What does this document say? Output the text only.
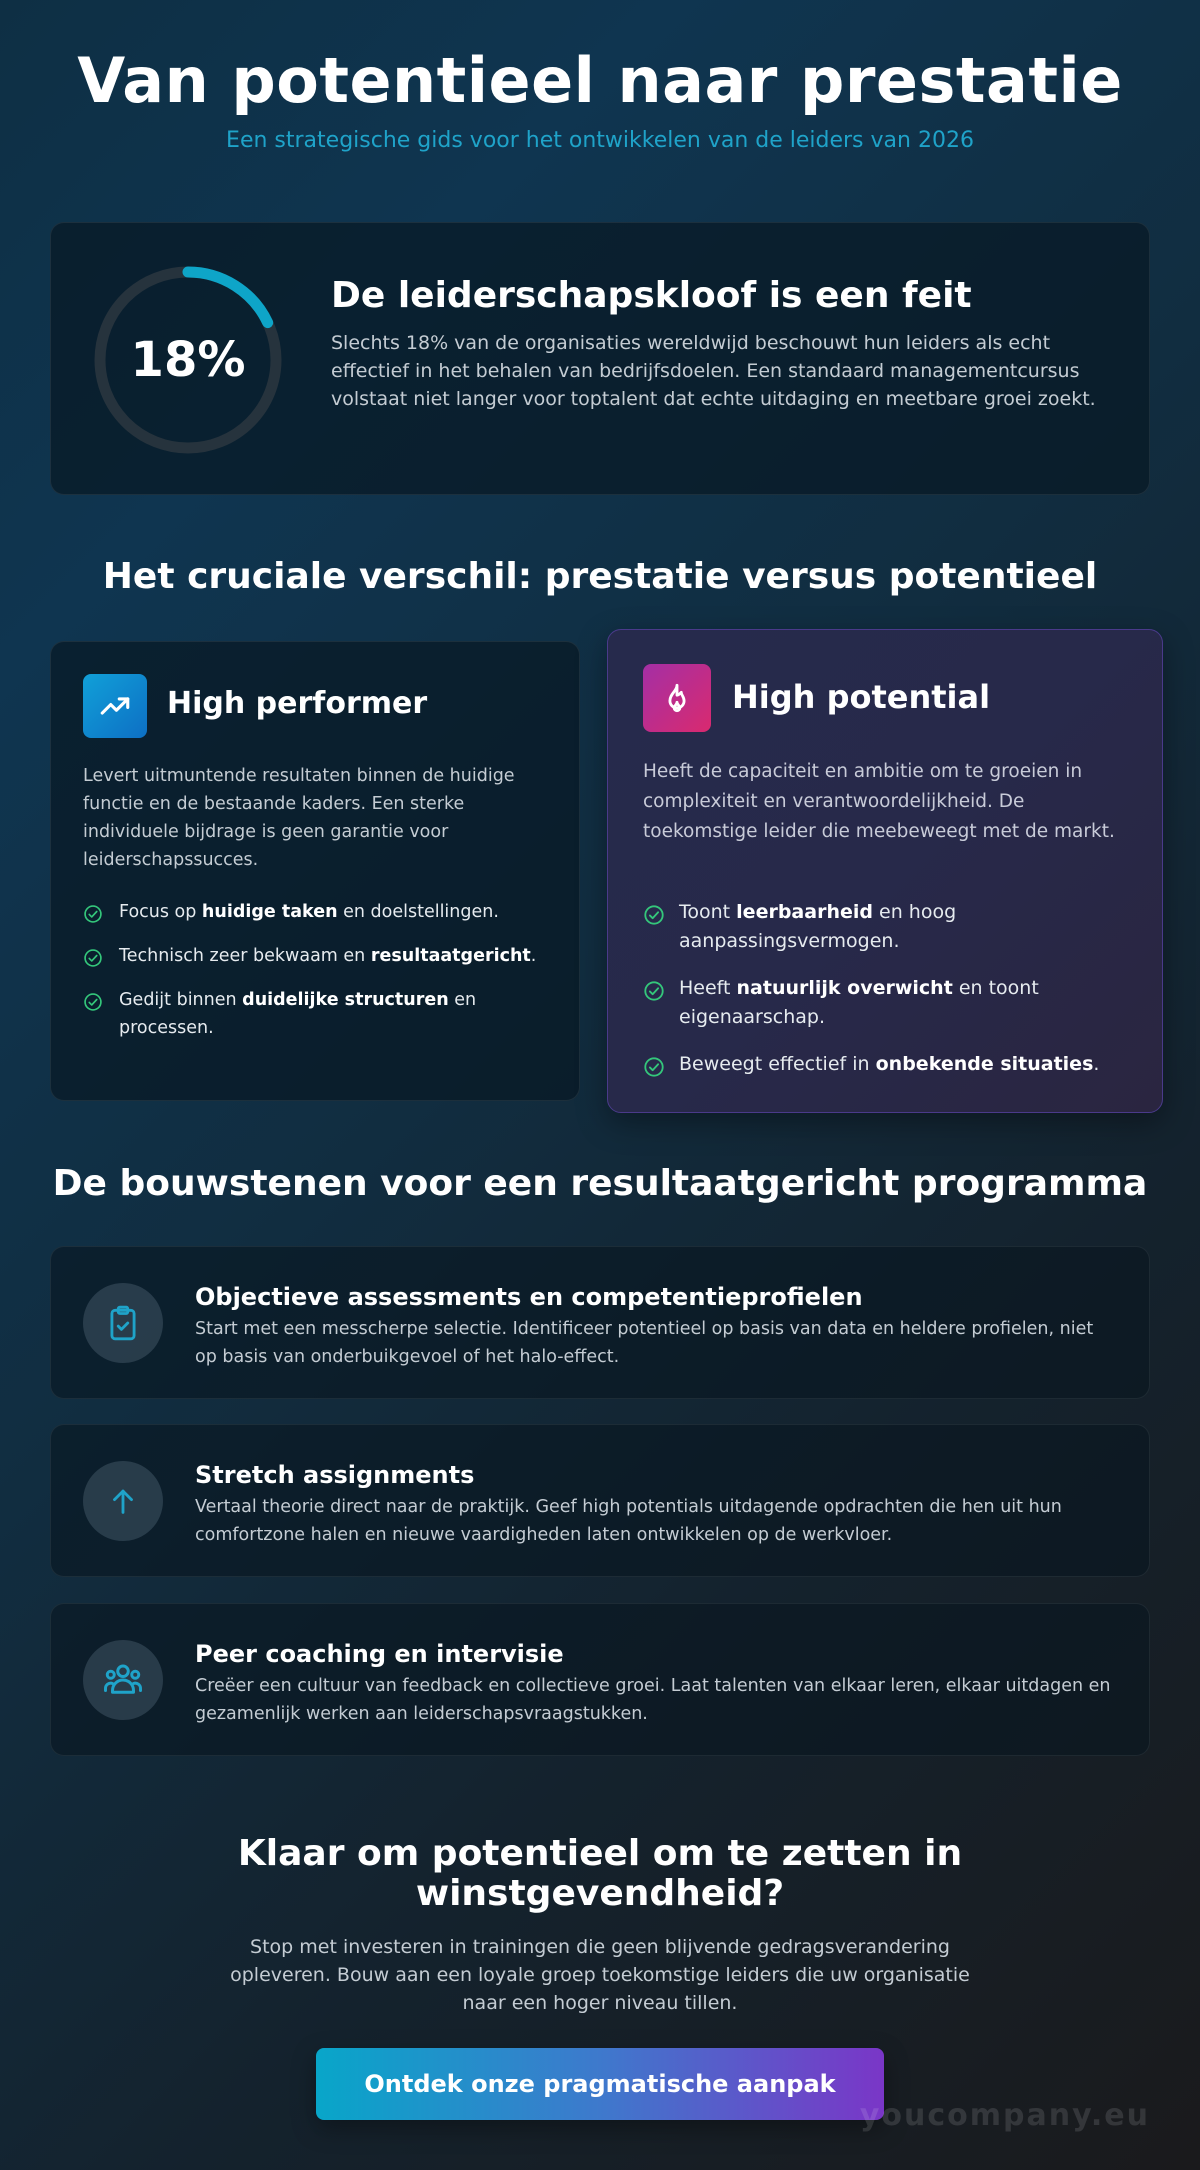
Van potentieel naar prestatie
Een strategische gids voor het ontwikkelen van de leiders van 2026
18%
De leiderschapskloof is een feit

Slechts 18% van de organisaties wereldwijd beschouwt hun leiders als echt effectief in het behalen van bedrijfsdoelen. Een standaard managementcursus volstaat niet langer voor toptalent dat echte uitdaging en meetbare groei zoekt.

Het cruciale verschil: prestatie versus potentieel
High performer

Levert uitmuntende resultaten binnen de huidige functie en de bestaande kaders. Een sterke individuele bijdrage is geen garantie voor leiderschapssucces.

Focus op huidige taken en doelstellingen.
Technisch zeer bekwaam en resultaatgericht.
Gedijt binnen duidelijke structuren en processen.
High potential

Heeft de capaciteit en ambitie om te groeien in complexiteit en verantwoordelijkheid. De toekomstige leider die meebeweegt met de markt.

Toont leerbaarheid en hoog aanpassingsvermogen.
Heeft natuurlijk overwicht en toont eigenaarschap.
Beweegt effectief in onbekende situaties.
De bouwstenen voor een resultaatgericht programma
Objectieve assessments en competentieprofielen

Start met een messcherpe selectie. Identificeer potentieel op basis van data en heldere profielen, niet op basis van onderbuikgevoel of het halo-effect.

Stretch assignments

Vertaal theorie direct naar de praktijk. Geef high potentials uitdagende opdrachten die hen uit hun comfortzone halen en nieuwe vaardigheden laten ontwikkelen op de werkvloer.

Peer coaching en intervisie

Creëer een cultuur van feedback en collectieve groei. Laat talenten van elkaar leren, elkaar uitdagen en gezamenlijk werken aan leiderschapsvraagstukken.

Klaar om potentieel om te zetten in winstgevendheid?

Stop met investeren in trainingen die geen blijvende gedragsverandering opleveren. Bouw aan een loyale groep toekomstige leiders die uw organisatie naar een hoger niveau tillen.

Ontdek onze pragmatische aanpak
youcompany.eu
